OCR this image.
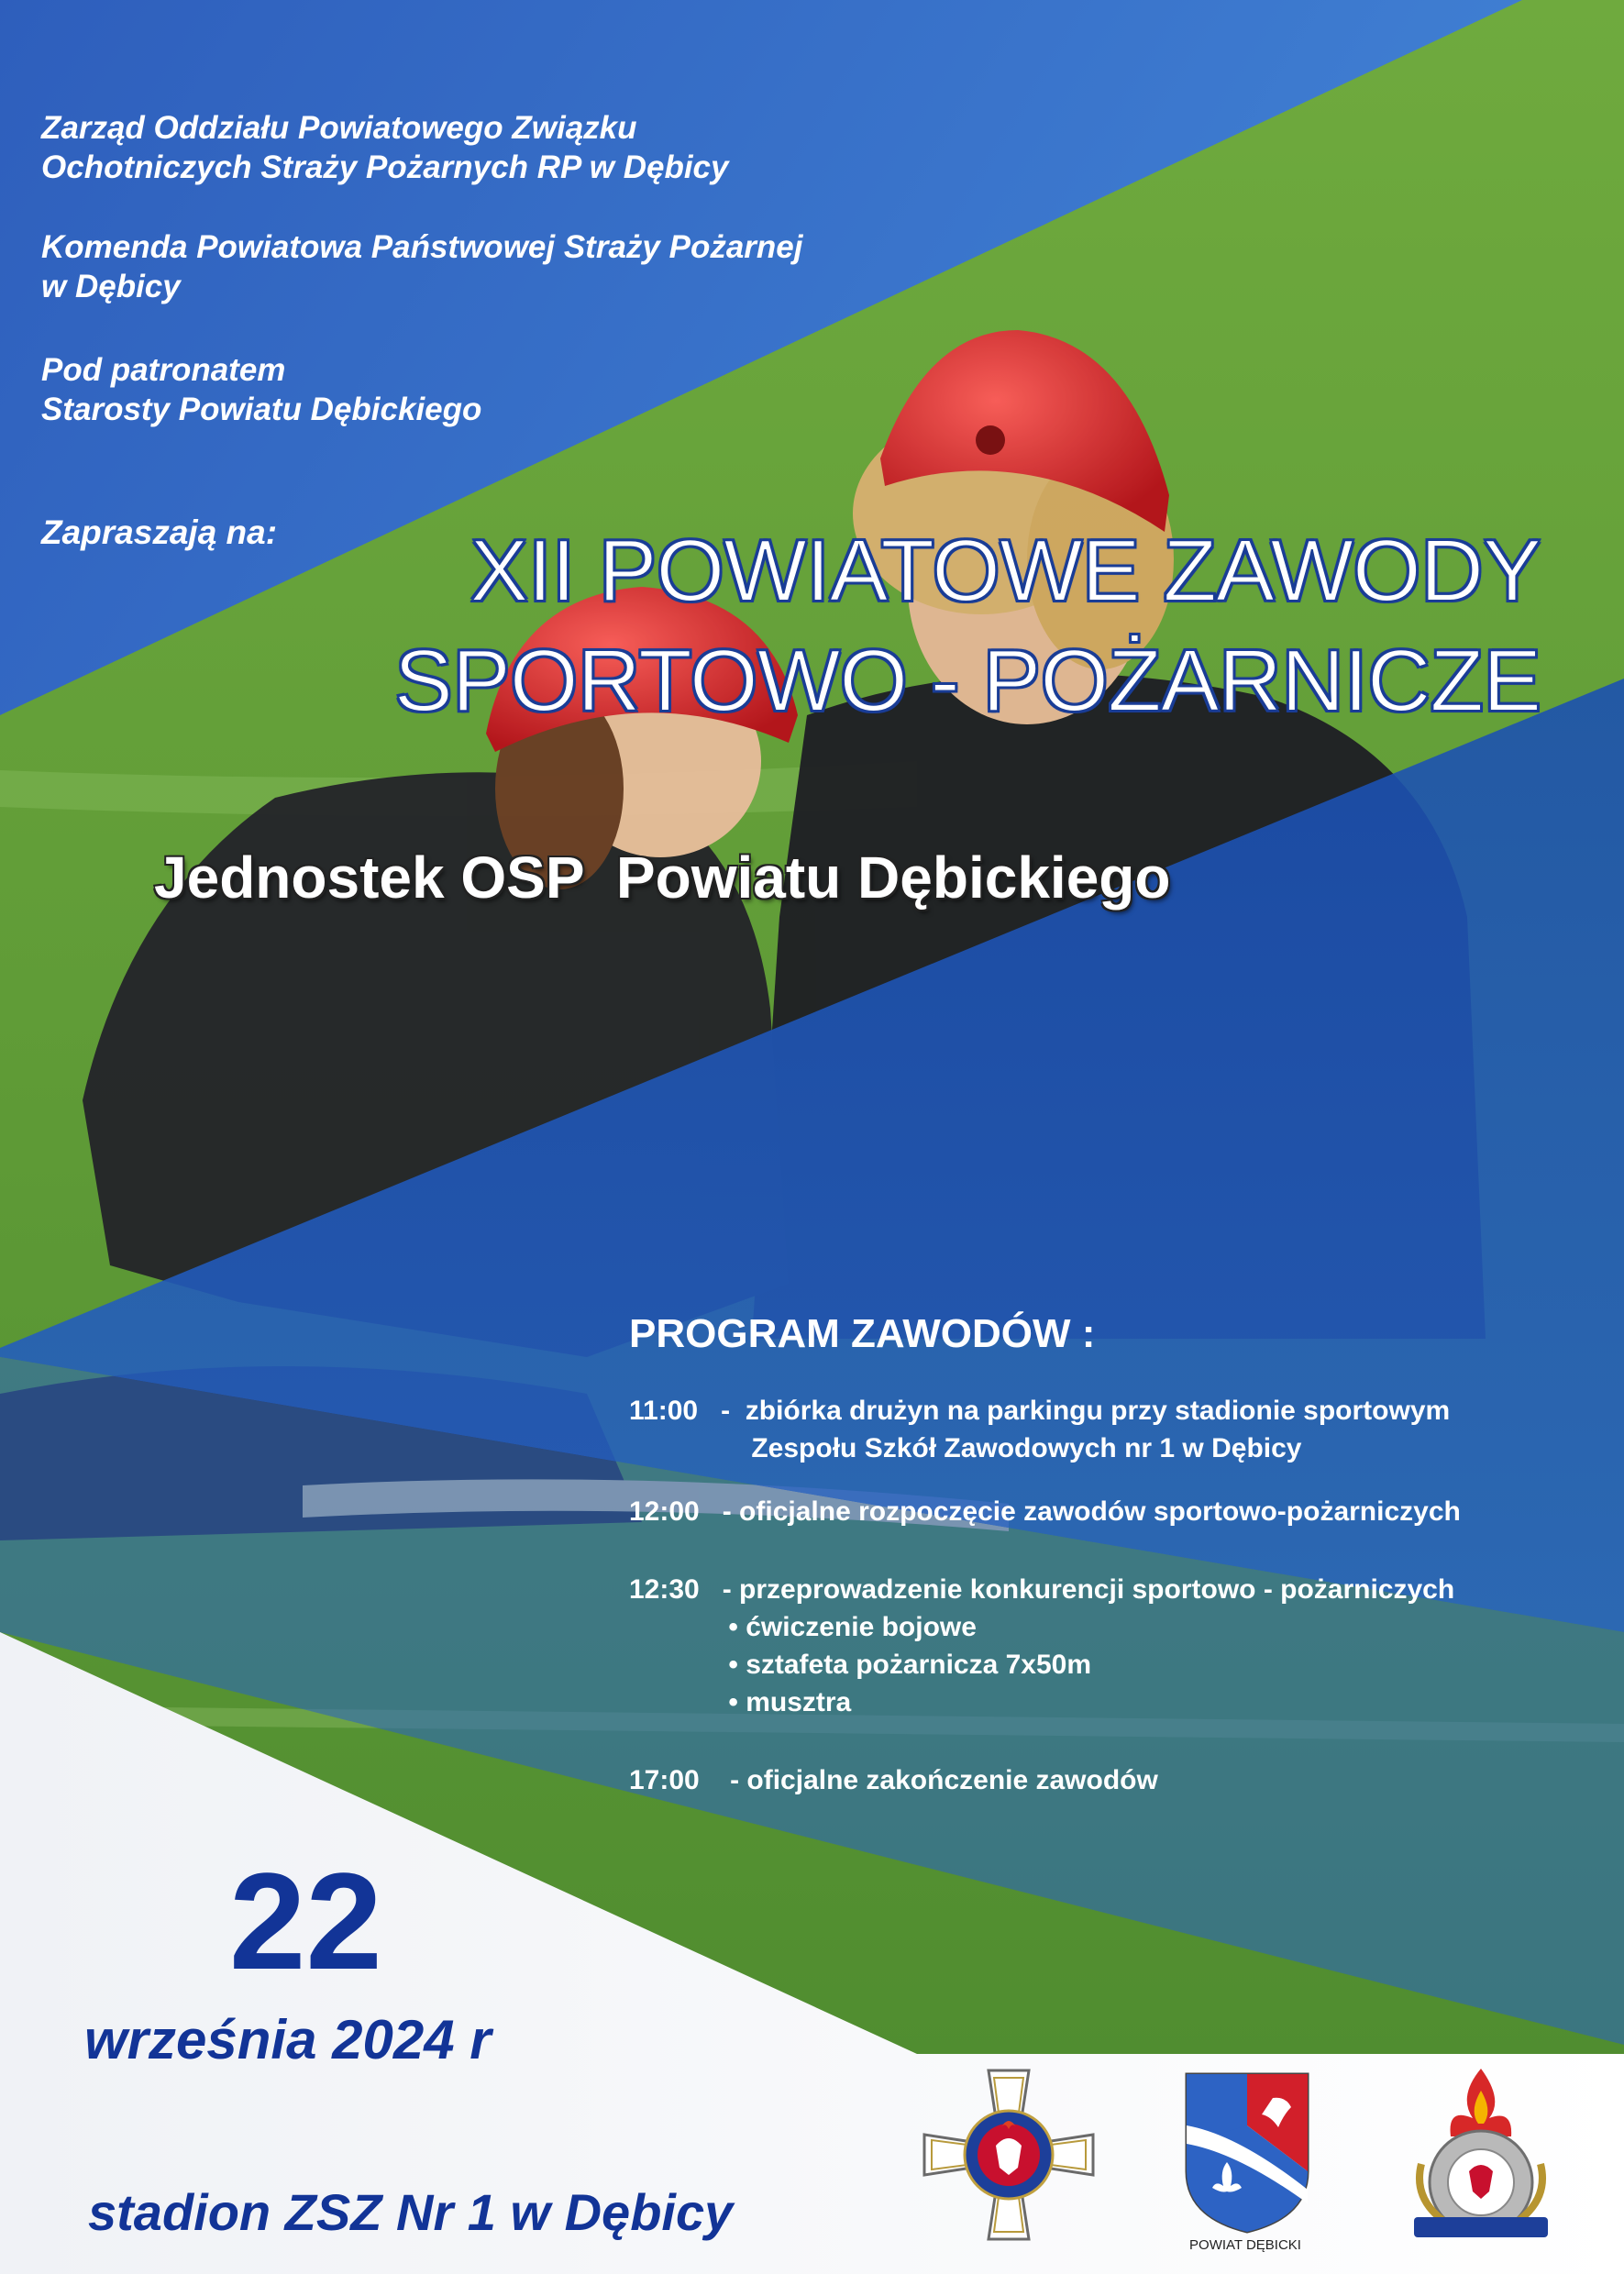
Zarząd Oddziału Powiatowego Związku
Ochotniczych Straży Pożarnych RP w Dębicy
Komenda Powiatowa Państwowej Straży Pożarnej
w Dębicy
Pod patronatem
Starosty Powiatu Dębickiego
Zapraszają na:	XII POWIATOWE ZAWODY
SPORTOWO - POŻARNICZE
Jednostek OSP  Powiatu Dębickiego
PROGRAM ZAWODÓW :
11:00   -  zbiórka drużyn na parkingu przy stadionie sportowym
Zespołu Szkół Zawodowych nr 1 w Dębicy
12:00   - oficjalne rozpoczęcie zawodów sportowo-pożarniczych
12:30   - przeprowadzenie konkurencji sportowo - pożarniczych
• ćwiczenie bojowe
• sztafeta pożarnicza 7x50m
• musztra
17:00    - oficjalne zakończenie zawodów
22
września 2024 r
stadion ZSZ Nr 1 w Dębicy
POWIAT DĘBICKI
